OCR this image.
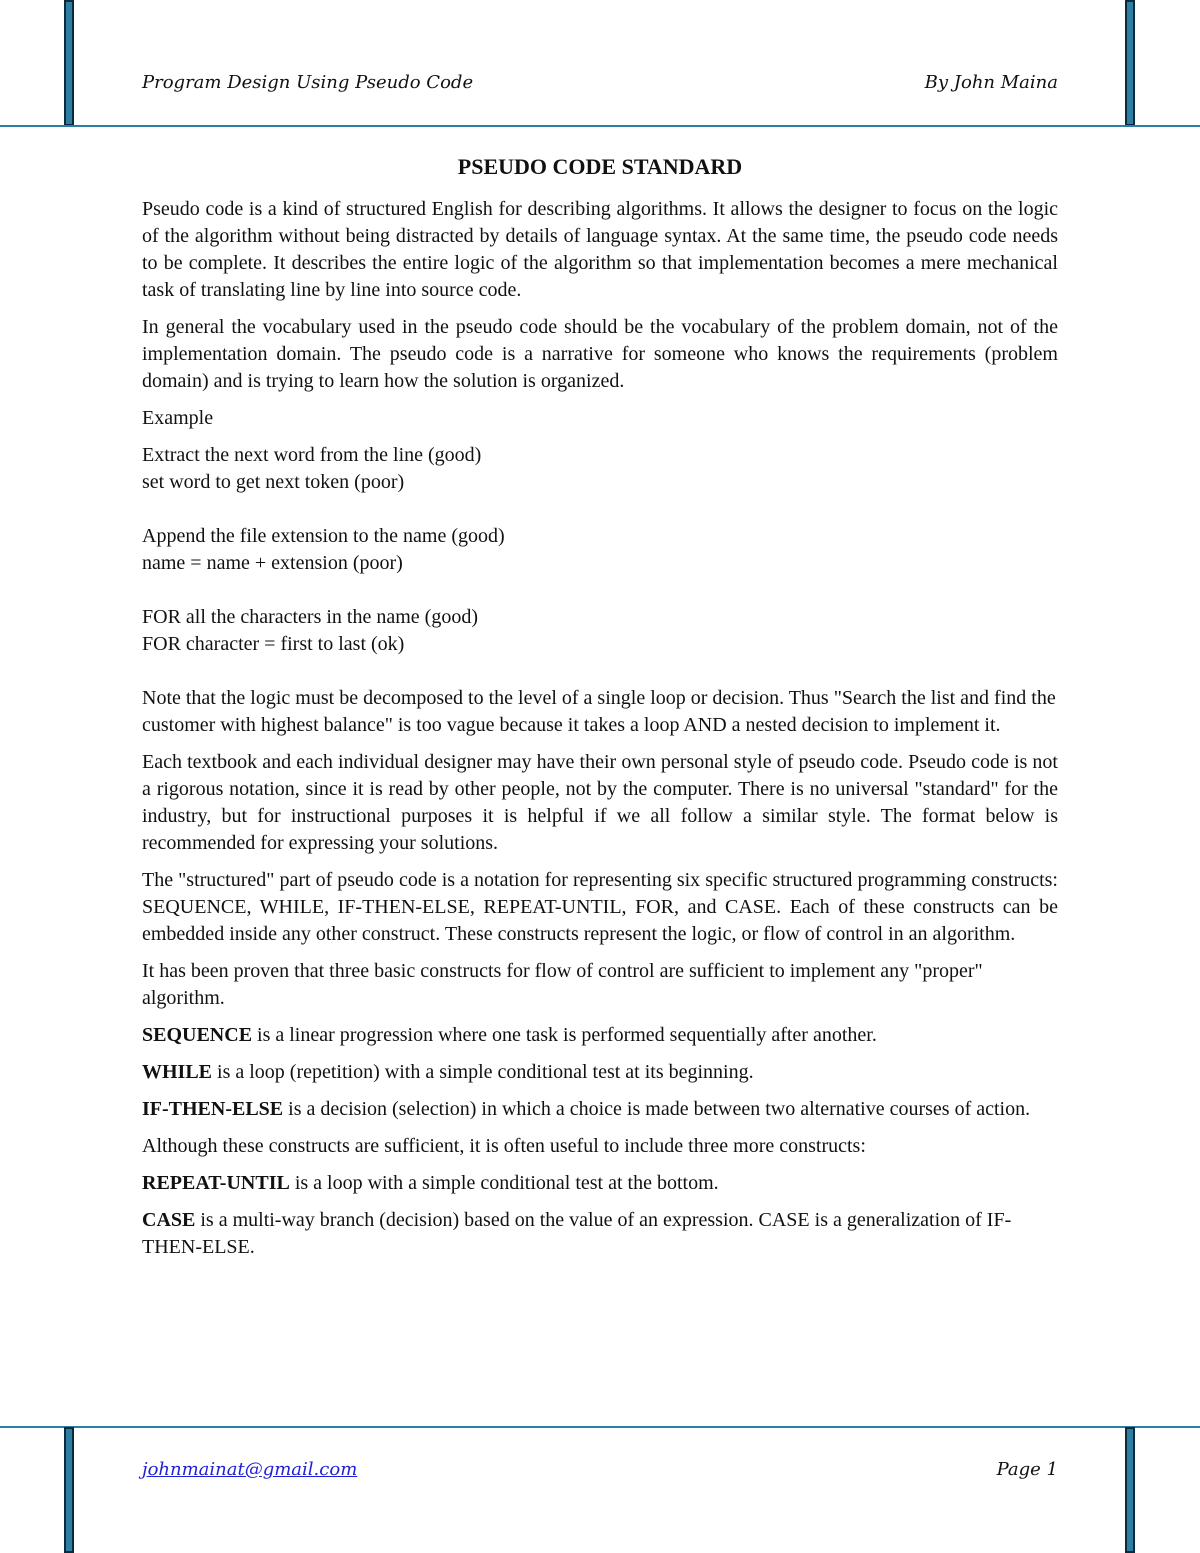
Program Design Using Pseudo Code	By John Maina
PSEUDO CODE STANDARD

Pseudo code is a kind of structured English for describing algorithms. It allows the designer to focus on the logic of the algorithm without being distracted by details of language syntax. At the same time, the pseudo code needs to be complete. It describes the entire logic of the algorithm so that implementation becomes a mere mechanical task of translating line by line into source code.

In general the vocabulary used in the pseudo code should be the vocabulary of the problem domain, not of the implementation domain. The pseudo code is a narrative for someone who knows the requirements (problem domain) and is trying to learn how the solution is organized.

Example

Extract the next word from the line (good)
set word to get next token (poor)
Append the file extension to the name (good)
name = name + extension (poor)
FOR all the characters in the name (good)
FOR character = first to last (ok)

Note that the logic must be decomposed to the level of a single loop or decision. Thus "Search the list and find the customer with highest balance" is too vague because it takes a loop AND a nested decision to implement it.

Each textbook and each individual designer may have their own personal style of pseudo code. Pseudo code is not a rigorous notation, since it is read by other people, not by the computer. There is no universal "standard" for the industry, but for instructional purposes it is helpful if we all follow a similar style. The format below is recommended for expressing your solutions.

The "structured" part of pseudo code is a notation for representing six specific structured programming constructs: SEQUENCE, WHILE, IF-THEN-ELSE, REPEAT-UNTIL, FOR, and CASE. Each of these constructs can be embedded inside any other construct. These constructs represent the logic, or flow of control in an algorithm.

It has been proven that three basic constructs for flow of control are sufficient to implement any "proper" algorithm.

SEQUENCE is a linear progression where one task is performed sequentially after another.

WHILE is a loop (repetition) with a simple conditional test at its beginning.

IF-THEN-ELSE is a decision (selection) in which a choice is made between two alternative courses of action.

Although these constructs are sufficient, it is often useful to include three more constructs:

REPEAT-UNTIL is a loop with a simple conditional test at the bottom.

CASE is a multi-way branch (decision) based on the value of an expression. CASE is a generalization of IF-THEN-ELSE.

johnmainat@gmail.com	Page 1
